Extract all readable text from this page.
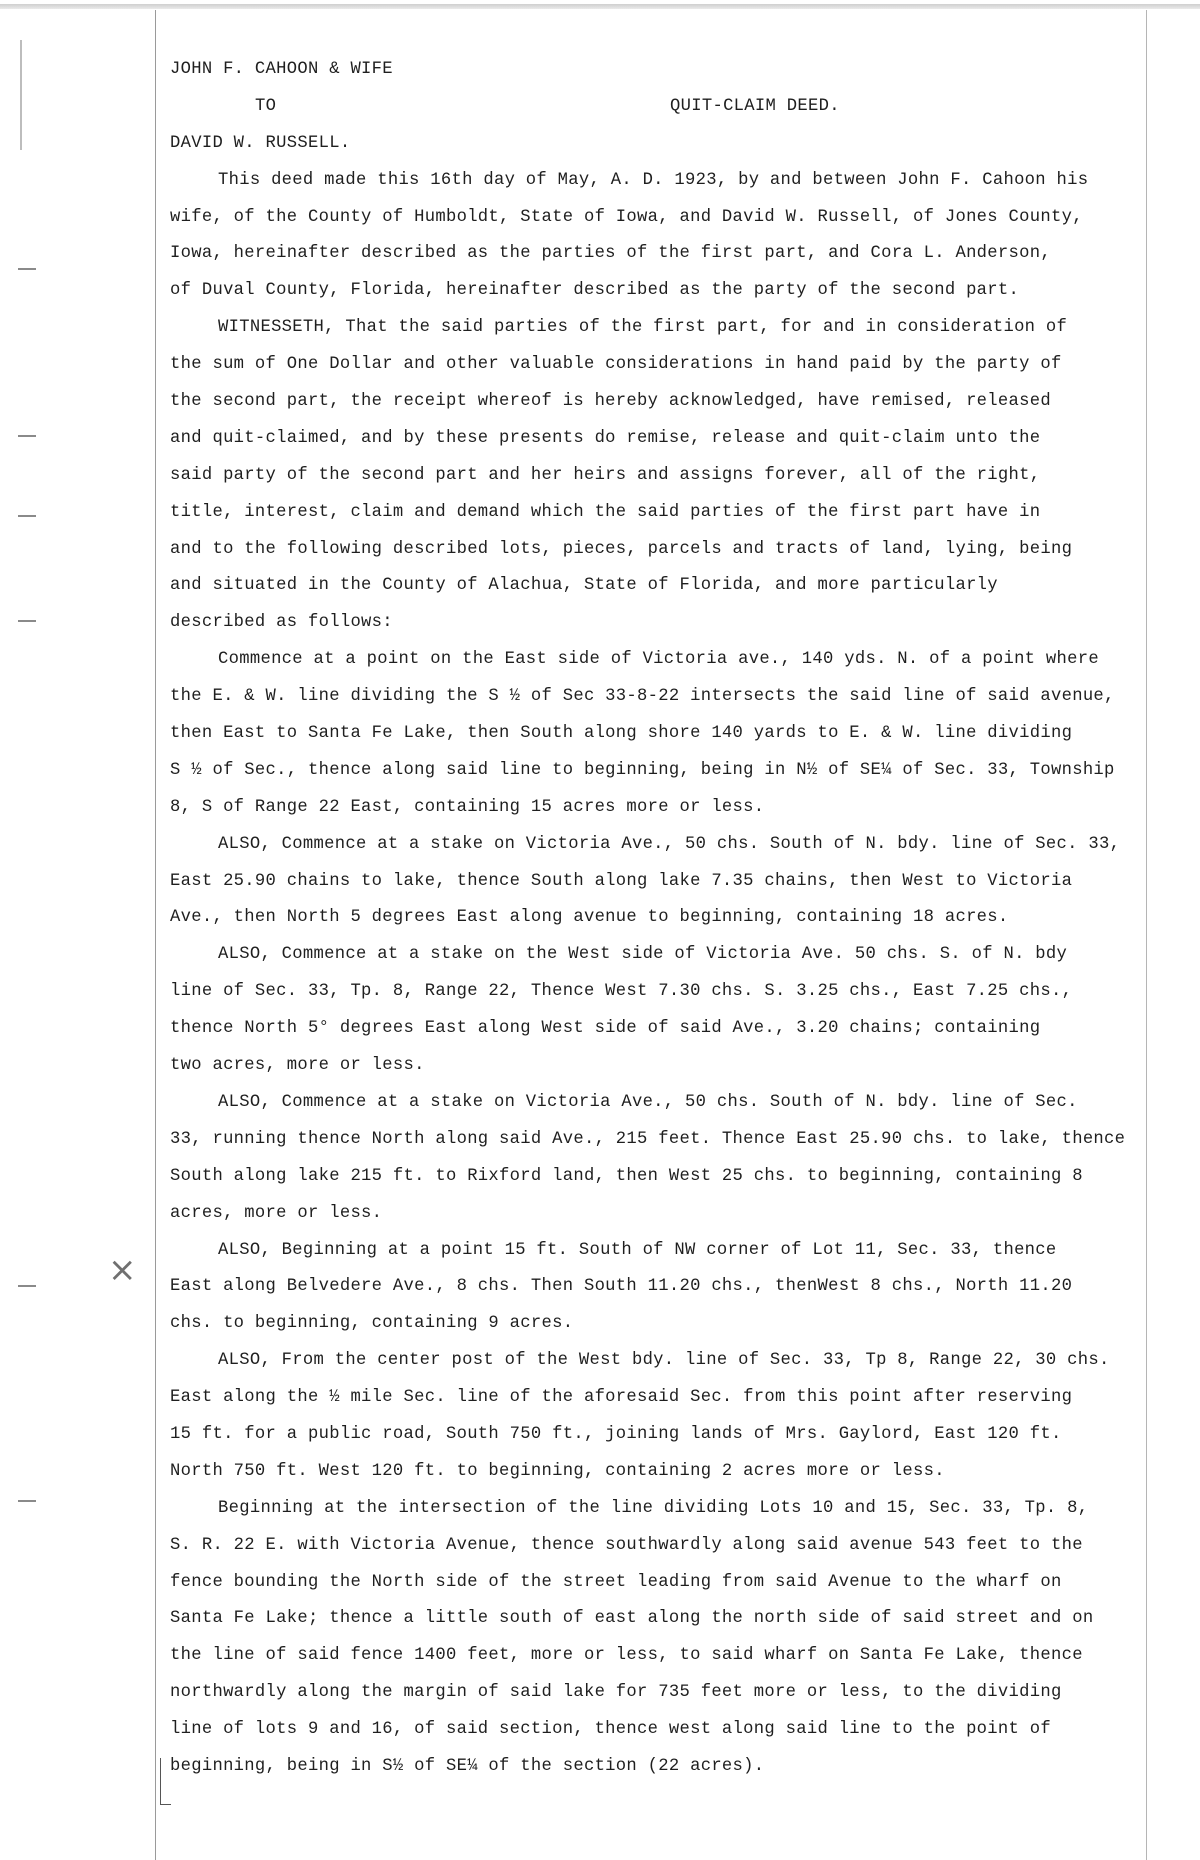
⨯
JOHN F. CAHOON & WIFE
TO	QUIT-CLAIM DEED.
DAVID W. RUSSELL.
This deed made this 16th day of May, A. D. 1923, by and between John F. Cahoon his
wife, of the County of Humboldt, State of Iowa, and David W. Russell, of Jones County,
Iowa, hereinafter described as the parties of the first part, and Cora L. Anderson,
of Duval County, Florida, hereinafter described as the party of the second part.
WITNESSETH, That the said parties of the first part, for and in consideration of
the sum of One Dollar and other valuable considerations in hand paid by the party of
the second part, the receipt whereof is hereby acknowledged, have remised, released
and quit-claimed, and by these presents do remise, release and quit-claim unto the
said party of the second part and her heirs and assigns forever, all of the right,
title, interest, claim and demand which the said parties of the first part have in
and to the following described lots, pieces, parcels and tracts of land, lying, being
and situated in the County of Alachua, State of Florida, and more particularly
described as follows:
Commence at a point on the East side of Victoria ave., 140 yds. N. of a point where
the E. & W. line dividing the S ½ of Sec 33-8-22 intersects the said line of said avenue,
then East to Santa Fe Lake, then South along shore 140 yards to E. & W. line dividing
S ½ of Sec., thence along said line to beginning, being in N½ of SE¼ of Sec. 33, Township
8, S of Range 22 East, containing 15 acres more or less.
ALSO, Commence at a stake on Victoria Ave., 50 chs. South of N. bdy. line of Sec. 33,
East 25.90 chains to lake, thence South along lake 7.35 chains, then West to Victoria
Ave., then North 5 degrees East along avenue to beginning, containing 18 acres.
ALSO, Commence at a stake on the West side of Victoria Ave. 50 chs. S. of N. bdy
line of Sec. 33, Tp. 8, Range 22, Thence West 7.30 chs. S. 3.25 chs., East 7.25 chs.,
thence North 5° degrees East along West side of said Ave., 3.20 chains; containing
two acres, more or less.
ALSO, Commence at a stake on Victoria Ave., 50 chs. South of N. bdy. line of Sec.
33, running thence North along said Ave., 215 feet. Thence East 25.90 chs. to lake, thence
South along lake 215 ft. to Rixford land, then West 25 chs. to beginning, containing 8
acres, more or less.
ALSO, Beginning at a point 15 ft. South of NW corner of Lot 11, Sec. 33, thence
East along Belvedere Ave., 8 chs. Then South 11.20 chs., thenWest 8 chs., North 11.20
chs. to beginning, containing 9 acres.
ALSO, From the center post of the West bdy. line of Sec. 33, Tp 8, Range 22, 30 chs.
East along the ½ mile Sec. line of the aforesaid Sec. from this point after reserving
15 ft. for a public road, South 750 ft., joining lands of Mrs. Gaylord, East 120 ft.
North 750 ft. West 120 ft. to beginning, containing 2 acres more or less.
Beginning at the intersection of the line dividing Lots 10 and 15, Sec. 33, Tp. 8,
S. R. 22 E. with Victoria Avenue, thence southwardly along said avenue 543 feet to the
fence bounding the North side of the street leading from said Avenue to the wharf on
Santa Fe Lake; thence a little south of east along the north side of said street and on
the line of said fence 1400 feet, more or less, to said wharf on Santa Fe Lake, thence
northwardly along the margin of said lake for 735 feet more or less, to the dividing
line of lots 9 and 16, of said section, thence west along said line to the point of
beginning, being in S½ of SE¼ of the section (22 acres).
